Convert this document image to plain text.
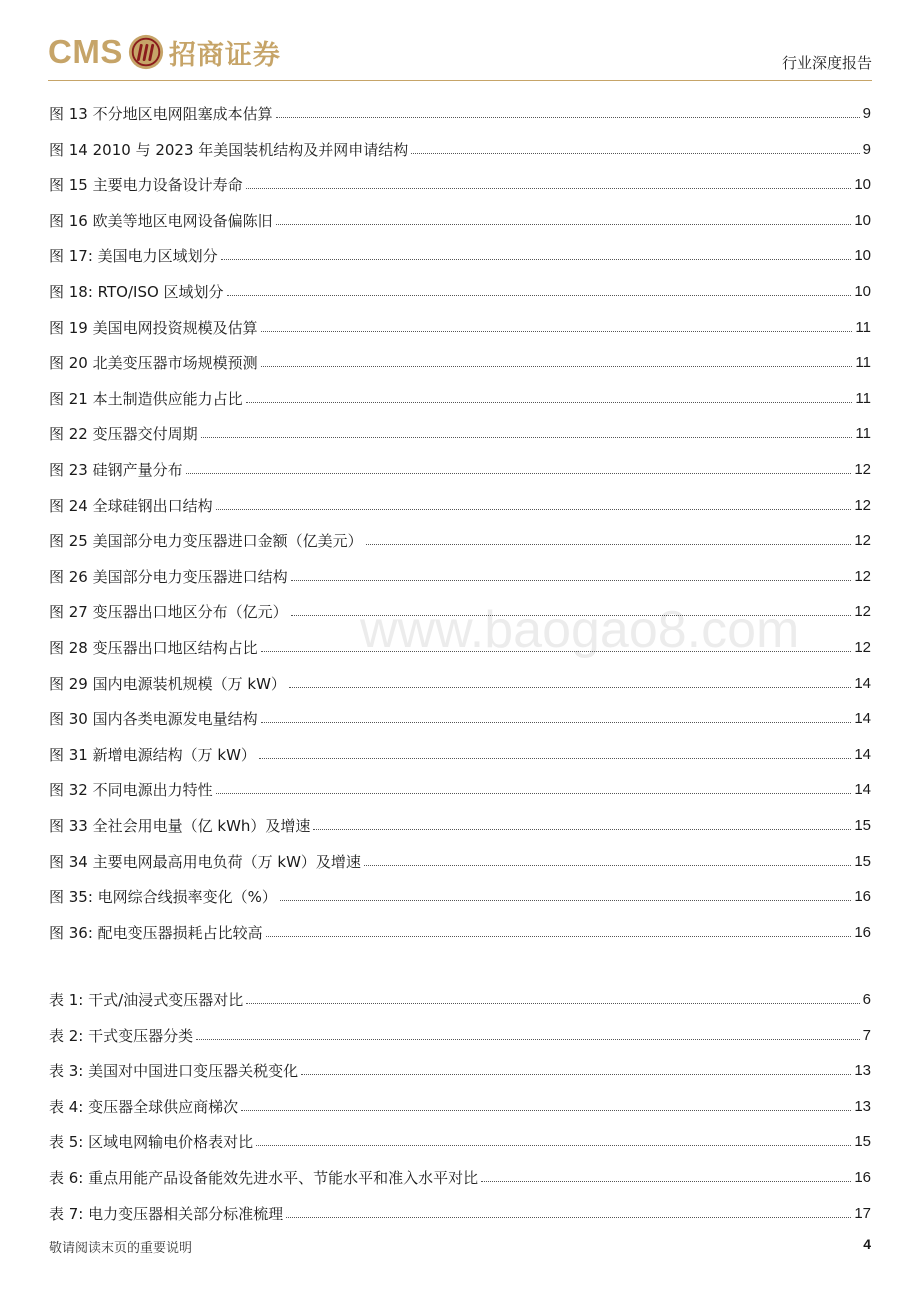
CMS 招商证券	行业深度报告
图 13 不分地区电网阻塞成本估算	9
图 14 2010 与 2023 年美国装机结构及并网申请结构	9
图 15 主要电力设备设计寿命	10
图 16 欧美等地区电网设备偏陈旧	10
图 17: 美国电力区域划分	10
图 18: RTO/ISO 区域划分	10
图 19 美国电网投资规模及估算	11
图 20 北美变压器市场规模预测	11
图 21 本土制造供应能力占比	11
图 22 变压器交付周期	11
图 23 硅钢产量分布	12
图 24 全球硅钢出口结构	12
图 25 美国部分电力变压器进口金额（亿美元）	12
图 26 美国部分电力变压器进口结构	12
图 27 变压器出口地区分布（亿元）	12
图 28 变压器出口地区结构占比	12
图 29 国内电源装机规模（万 kW）	14
图 30 国内各类电源发电量结构	14
图 31 新增电源结构（万 kW）	14
图 32 不同电源出力特性	14
图 33 全社会用电量（亿 kWh）及增速	15
图 34 主要电网最高用电负荷（万 kW）及增速	15
图 35: 电网综合线损率变化（%）	16
图 36: 配电变压器损耗占比较高	16
表 1: 干式/油浸式变压器对比	6
表 2: 干式变压器分类	7
表 3: 美国对中国进口变压器关税变化	13
表 4: 变压器全球供应商梯次	13
表 5: 区域电网输电价格表对比	15
表 6: 重点用能产品设备能效先进水平、节能水平和准入水平对比	16
表 7: 电力变压器相关部分标准梳理	17
www.baogao8.com
敬请阅读末页的重要说明	4
